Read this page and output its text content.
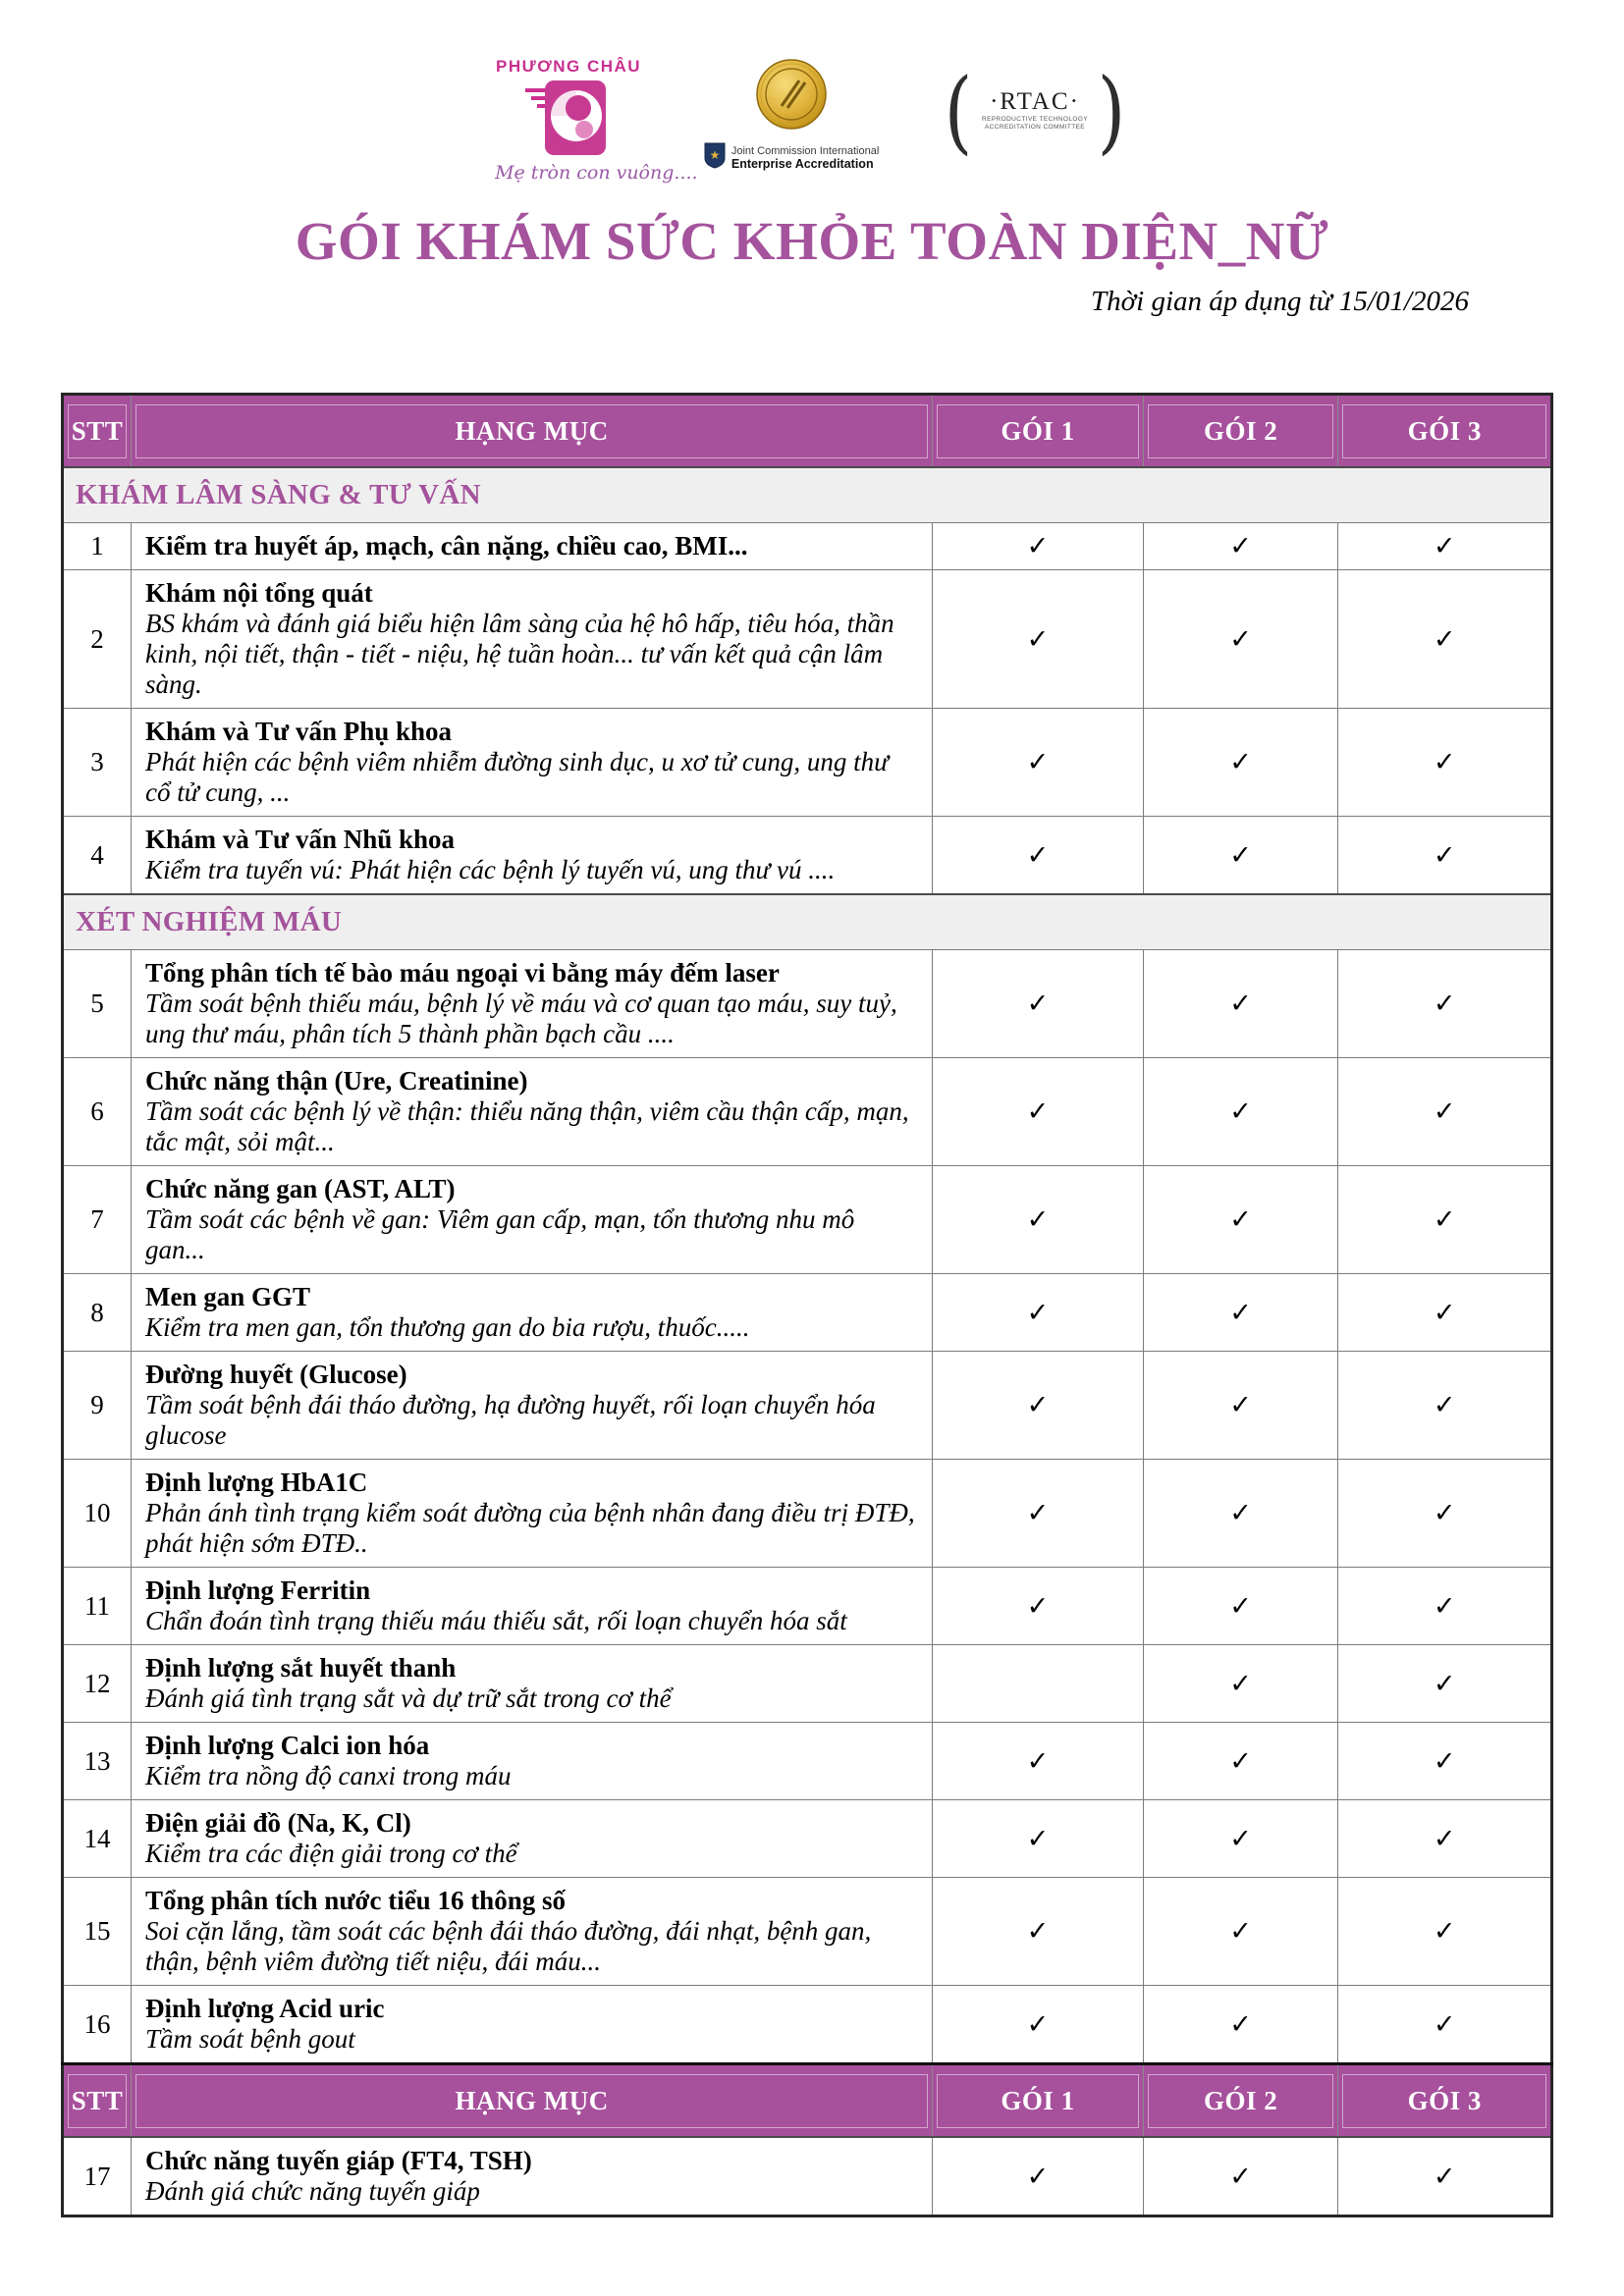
PHƯƠNG CHÂU
Mẹ tròn con vuông....
★ Joint Commission International
Enterprise Accreditation ( ·RTAC·
REPRODUCTIVE TECHNOLOGY
ACCREDITATION COMMITTEE )
GÓI KHÁM SỨC KHỎE TOÀN DIỆN_NỮ
Thời gian áp dụng từ 15/01/2026
STT	HẠNG MỤC	GÓI 1	GÓI 2	GÓI 3

KHÁM LÂM SÀNG & TƯ VẤN				
1	Kiểm tra huyết áp, mạch, cân nặng, chiều cao, BMI...	✓	✓	✓
2	Khám nội tổng quát
BS khám và đánh giá biểu hiện lâm sàng của hệ hô hấp, tiêu hóa, thần kinh, nội tiết, thận - tiết - niệu, hệ tuần hoàn... tư vấn kết quả cận lâm sàng.	✓	✓	✓
3	Khám và Tư vấn Phụ khoa
Phát hiện các bệnh viêm nhiễm đường sinh dục, u xơ tử cung, ung thư cổ tử cung, ...	✓	✓	✓
4	Khám và Tư vấn Nhũ khoa
Kiểm tra tuyến vú: Phát hiện các bệnh lý tuyến vú, ung thư vú ....	✓	✓	✓
XÉT NGHIỆM MÁU				
5	Tổng phân tích tế bào máu ngoại vi bằng máy đếm laser
Tầm soát bệnh thiếu máu, bệnh lý về máu và cơ quan tạo máu, suy tuỷ, ung thư máu, phân tích 5 thành phần bạch cầu ....	✓	✓	✓
6	Chức năng thận (Ure, Creatinine)
Tầm soát các bệnh lý về thận: thiểu năng thận, viêm cầu thận cấp, mạn, tắc mật, sỏi mật...	✓	✓	✓
7	Chức năng gan (AST, ALT)
Tầm soát các bệnh về gan: Viêm gan cấp, mạn, tổn thương nhu mô gan...	✓	✓	✓
8	Men gan GGT
Kiểm tra men gan, tổn thương gan do bia rượu, thuốc.....	✓	✓	✓
9	Đường huyết (Glucose)
Tầm soát bệnh đái tháo đường, hạ đường huyết, rối loạn chuyển hóa glucose	✓	✓	✓
10	Định lượng HbA1C
Phản ánh tình trạng kiểm soát đường của bệnh nhân đang điều trị ĐTĐ, phát hiện sớm ĐTĐ..	✓	✓	✓
11	Định lượng Ferritin
Chẩn đoán tình trạng thiếu máu thiếu sắt, rối loạn chuyển hóa sắt	✓	✓	✓
12	Định lượng sắt huyết thanh
Đánh giá tình trạng sắt và dự trữ sắt trong cơ thể		✓	✓
13	Định lượng Calci ion hóa
Kiểm tra nồng độ canxi trong máu	✓	✓	✓
14	Điện giải đồ (Na, K, Cl)
Kiểm tra các điện giải trong cơ thể	✓	✓	✓
15	Tổng phân tích nước tiểu 16 thông số
Soi cặn lắng, tầm soát các bệnh đái tháo đường, đái nhạt, bệnh gan, thận, bệnh viêm đường tiết niệu, đái máu...	✓	✓	✓
16	Định lượng Acid uric
Tầm soát bệnh gout	✓	✓	✓

STT	HẠNG MỤC	GÓI 1	GÓI 2	GÓI 3

17	Chức năng tuyến giáp (FT4, TSH)
Đánh giá chức năng tuyến giáp	✓	✓	✓
